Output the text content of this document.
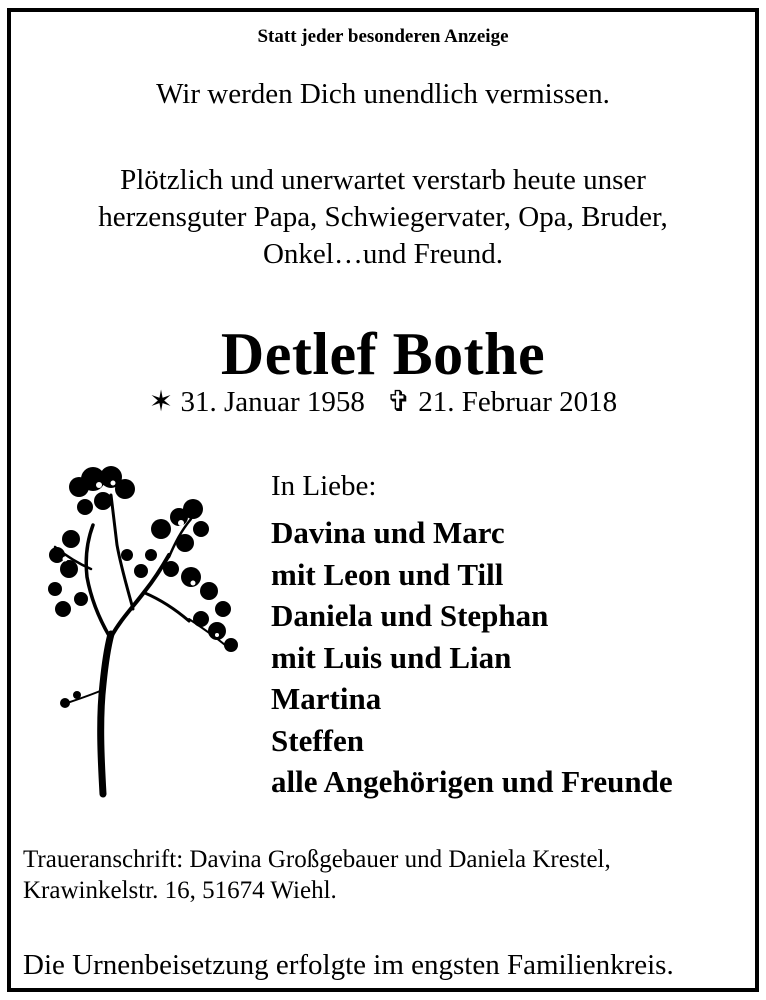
Statt jeder besonderen Anzeige
Wir werden Dich unendlich vermissen.
Plötzlich und unerwartet verstarb heute unser
herzensguter Papa, Schwiegervater, Opa, Bruder,
Onkel…und Freund.
Detlef Bothe
✶ 31. Januar 1958 ✞ 21. Februar 2018
In Liebe:
Davina und Marc
mit Leon und Till
Daniela und Stephan
mit Luis und Lian
Martina
Steffen
alle Angehörigen und Freunde
Traueranschrift: Davina Großgebauer und Daniela Krestel,
Krawinkelstr. 16, 51674 Wiehl.
Die Urnenbeisetzung erfolgte im engsten Familienkreis.
